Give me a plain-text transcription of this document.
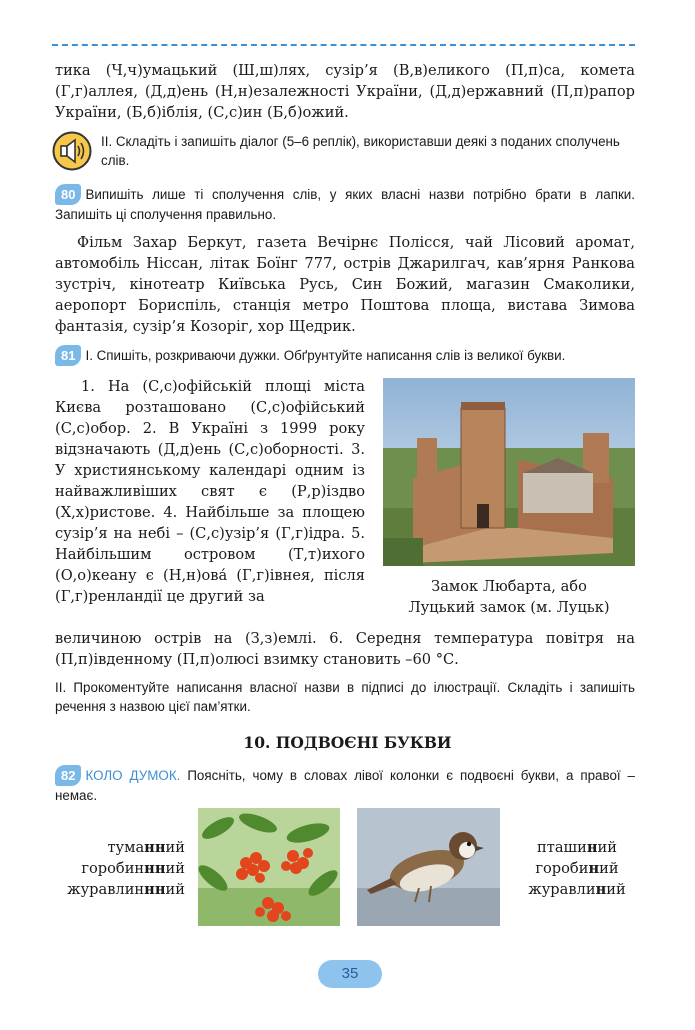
тика (Ч,ч)умацький (Ш,ш)лях, сузір’я (В,в)еликого (П,п)са, комета (Г,г)аллея, (Д,д)ень (Н,н)езалежності України, (Д,д)ержавний (П,п)рапор України, (Б,б)іблія, (С,с)ин (Б,б)ожий.
II. Складіть і запишіть діалог (5–6 реплік), використавши деякі з поданих сполучень слів.
80 Випишіть лише ті сполучення слів, у яких власні назви потрібно брати в лапки. Запишіть ці сполучення правильно.
Фільм Захар Беркут, газета Вечірнє Полісся, чай Лісовий аромат, автомобіль Ніссан, літак Боїнг 777, острів Джарилгач, кав’ярня Ранкова зустріч, кінотеатр Київська Русь, Син Божий, магазин Смаколики, аеропорт Бориспіль, станція метро Поштова площа, вистава Зимова фантазія, сузір’я Козоріг, хор Щедрик.
81 I. Спишіть, розкриваючи дужки. Обґрунтуйте написання слів із великої букви.
1. На (С,с)офійській площі міста Києва розташовано (С,с)офійський (С,с)обор. 2. В Україні з 1999 року відзначають (Д,д)ень (С,с)оборності. 3. У християнському календарі одним із найважливіших свят є (Р,р)іздво (Х,х)ристове. 4. Найбільше за площею сузір’я на небі – (С,с)узір’я (Г,г)ідра. 5. Найбільшим островом (Т,т)ихого (О,о)кеану є (Н,н)ова́ (Г,г)івнея, після (Г,г)ренландії це другий за
Замок Любарта, або
Луцький замок (м. Луцьк)
величиною острів на (З,з)емлі. 6. Середня температура повітря на (П,п)івденному (П,п)олюсі взимку становить –60 °С.
II. Прокоментуйте написання власної назви в підписі до ілюстрації. Складіть і запишіть речення з назвою цієї пам’ятки.
10. ПОДВОЄНІ БУКВИ
82 КОЛО ДУМОК. Поясніть, чому в словах лівої колонки є подвоєні букви, а правої – немає.
туманний
горобиннний
журавлиннний
пташиний
горобиний
журавлиний
35
